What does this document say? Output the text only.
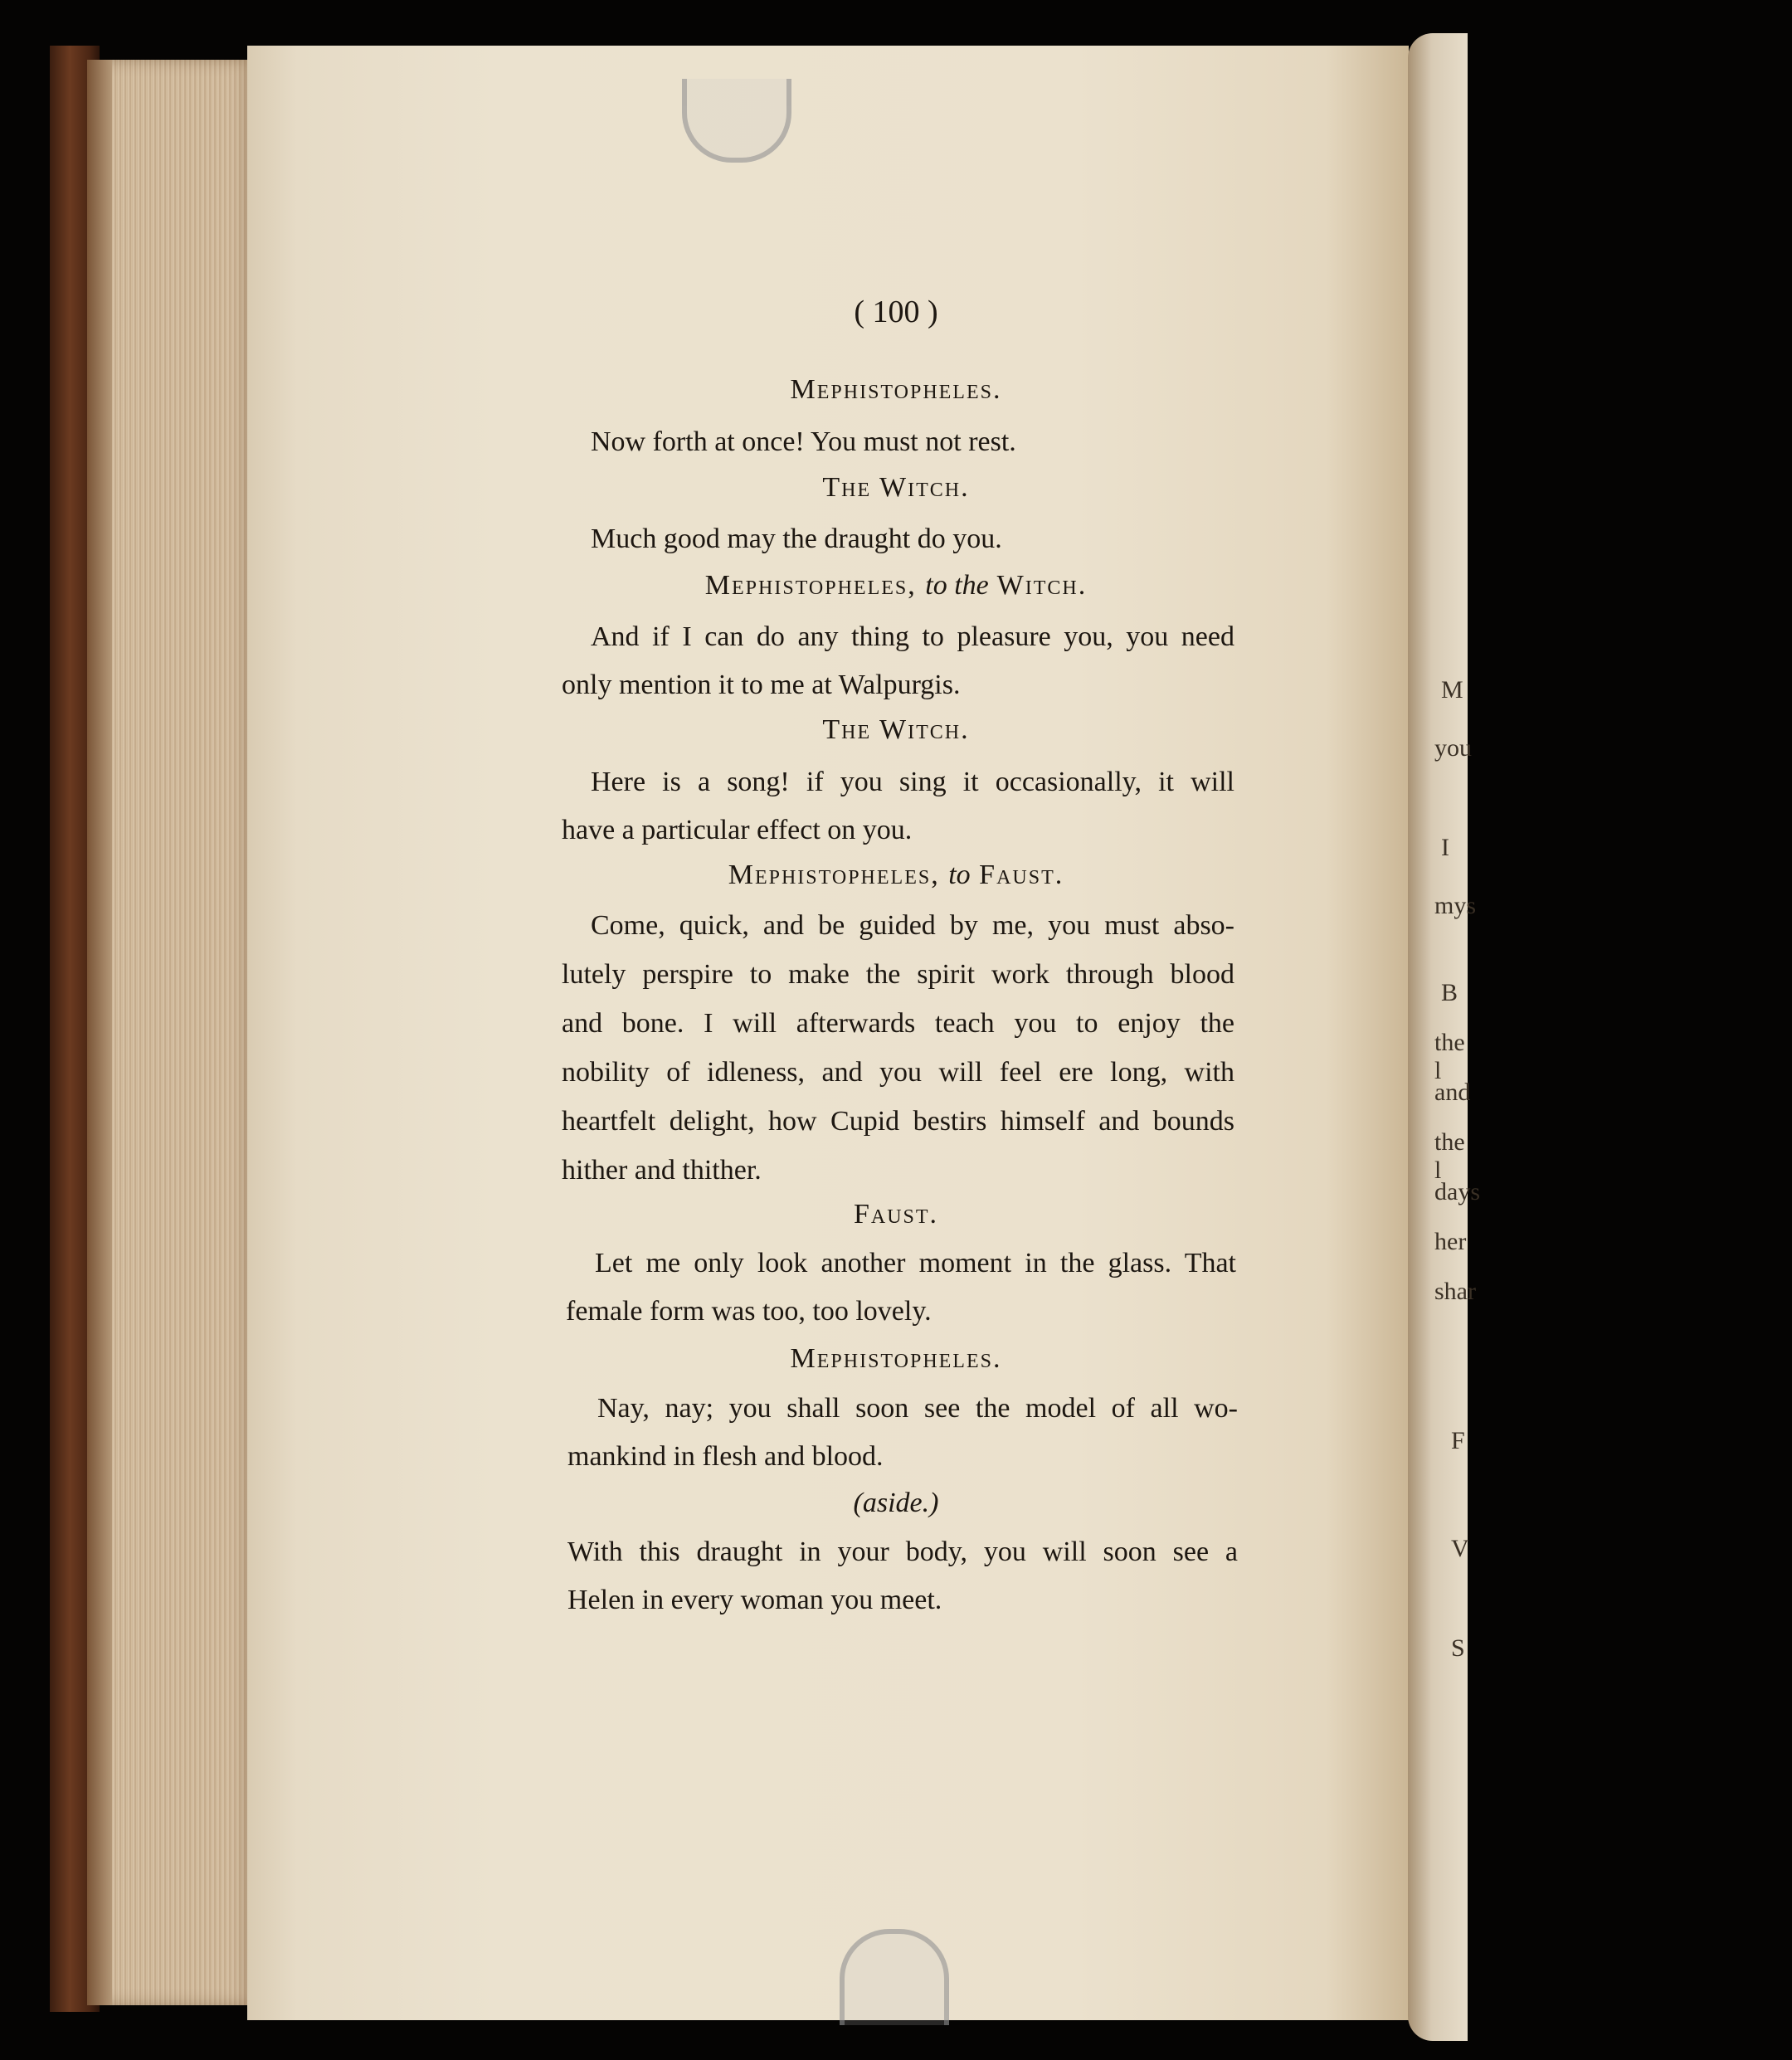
M
you
I
mys
B
the l
and
the l
days
her
shar
F
V
S
( 100 )
Mephistopheles.
Now forth at once! You must not rest.
The Witch.
Much good may the draught do you.
Mephistopheles, to the Witch.
And if I can do any thing to pleasure you, you need
only mention it to me at Walpurgis.
The Witch.
Here is a song! if you sing it occasionally, it will
have a particular effect on you.
Mephistopheles, to Faust.
Come, quick, and be guided by me, you must abso-
lutely perspire to make the spirit work through blood
and bone. I will afterwards teach you to enjoy the
nobility of idleness, and you will feel ere long, with
heartfelt delight, how Cupid bestirs himself and bounds
hither and thither.
Faust.
Let me only look another moment in the glass. That
female form was too, too lovely.
Mephistopheles.
Nay, nay; you shall soon see the model of all wo-
mankind in flesh and blood.
(aside.)
With this draught in your body, you will soon see a
Helen in every woman you meet.
